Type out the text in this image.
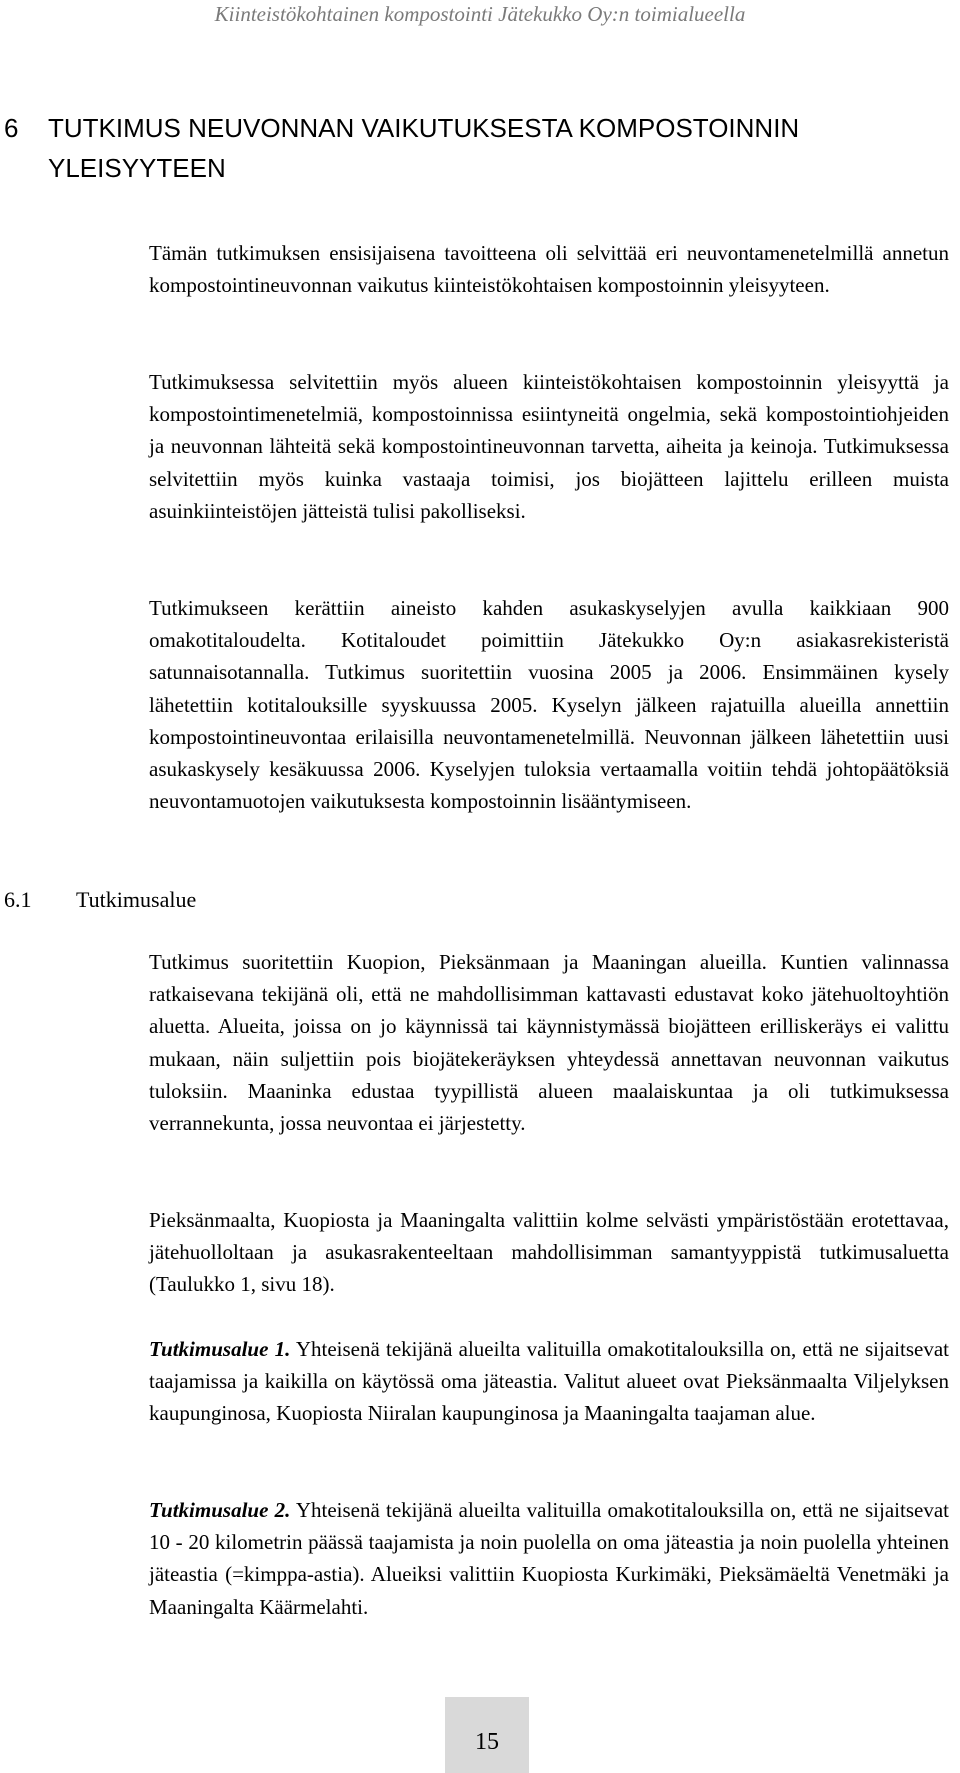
Kiinteistökohtainen kompostointi Jätekukko Oy:n toimialueella
6 TUTKIMUS NEUVONNAN VAIKUTUKSESTA KOMPOSTOINNIN YLEISYYTEEN

Tämän tutkimuksen ensisijaisena tavoitteena oli selvittää eri neuvontamenetelmillä annetun kompostointineuvonnan vaikutus kiinteistökohtaisen kompostoinnin yleisyyteen.

Tutkimuksessa selvitettiin myös alueen kiinteistökohtaisen kompostoinnin yleisyyttä ja kompostointimenetelmiä, kompostoinnissa esiintyneitä ongelmia, sekä kompostointiohjeiden ja neuvonnan lähteitä sekä kompostointineuvonnan tarvetta, aiheita ja keinoja. Tutkimuksessa selvitettiin myös kuinka vastaaja toimisi, jos biojätteen lajittelu erilleen muista asuinkiinteistöjen jätteistä tulisi pakolliseksi.

Tutkimukseen kerättiin aineisto kahden asukaskyselyjen avulla kaikkiaan 900 omakotitaloudelta. Kotitaloudet poimittiin Jätekukko Oy:n asiakasrekisteristä satunnaisotannalla. Tutkimus suoritettiin vuosina 2005 ja 2006. Ensimmäinen kysely lähetettiin kotitalouksille syyskuussa 2005. Kyselyn jälkeen rajatuilla alueilla annettiin kompostointineuvontaa erilaisilla neuvontamenetelmillä. Neuvonnan jälkeen lähetettiin uusi asukaskysely kesäkuussa 2006. Kyselyjen tuloksia vertaamalla voitiin tehdä johtopäätöksiä neuvontamuotojen vaikutuksesta kompostoinnin lisääntymiseen.

6.1 Tutkimusalue

Tutkimus suoritettiin Kuopion, Pieksänmaan ja Maaningan alueilla. Kuntien valinnassa ratkaisevana tekijänä oli, että ne mahdollisimman kattavasti edustavat koko jätehuoltoyhtiön aluetta. Alueita, joissa on jo käynnissä tai käynnistymässä biojätteen erilliskeräys ei valittu mukaan, näin suljettiin pois biojätekeräyksen yhteydessä annettavan neuvonnan vaikutus tuloksiin. Maaninka edustaa tyypillistä alueen maalaiskuntaa ja oli tutkimuksessa verrannekunta, jossa neuvontaa ei järjestetty.

Pieksänmaalta, Kuopiosta ja Maaningalta valittiin kolme selvästi ympäristöstään erotettavaa, jätehuolloltaan ja asukasrakenteeltaan mahdollisimman samantyyppistä tutkimusaluetta (Taulukko 1, sivu 18).

Tutkimusalue 1. Yhteisenä tekijänä alueilta valituilla omakotitalouksilla on, että ne sijaitsevat taajamissa ja kaikilla on käytössä oma jäteastia. Valitut alueet ovat Pieksänmaalta Viljelyksen kaupunginosa, Kuopiosta Niiralan kaupunginosa ja Maaningalta taajaman alue.

Tutkimusalue 2. Yhteisenä tekijänä alueilta valituilla omakotitalouksilla on, että ne sijaitsevat 10 - 20 kilometrin päässä taajamista ja noin puolella on oma jäteastia ja noin puolella yhteinen jäteastia (=kimppa-astia). Alueiksi valittiin Kuopiosta Kurkimäki, Pieksämäeltä Venetmäki ja Maaningalta Käärmelahti.

15
